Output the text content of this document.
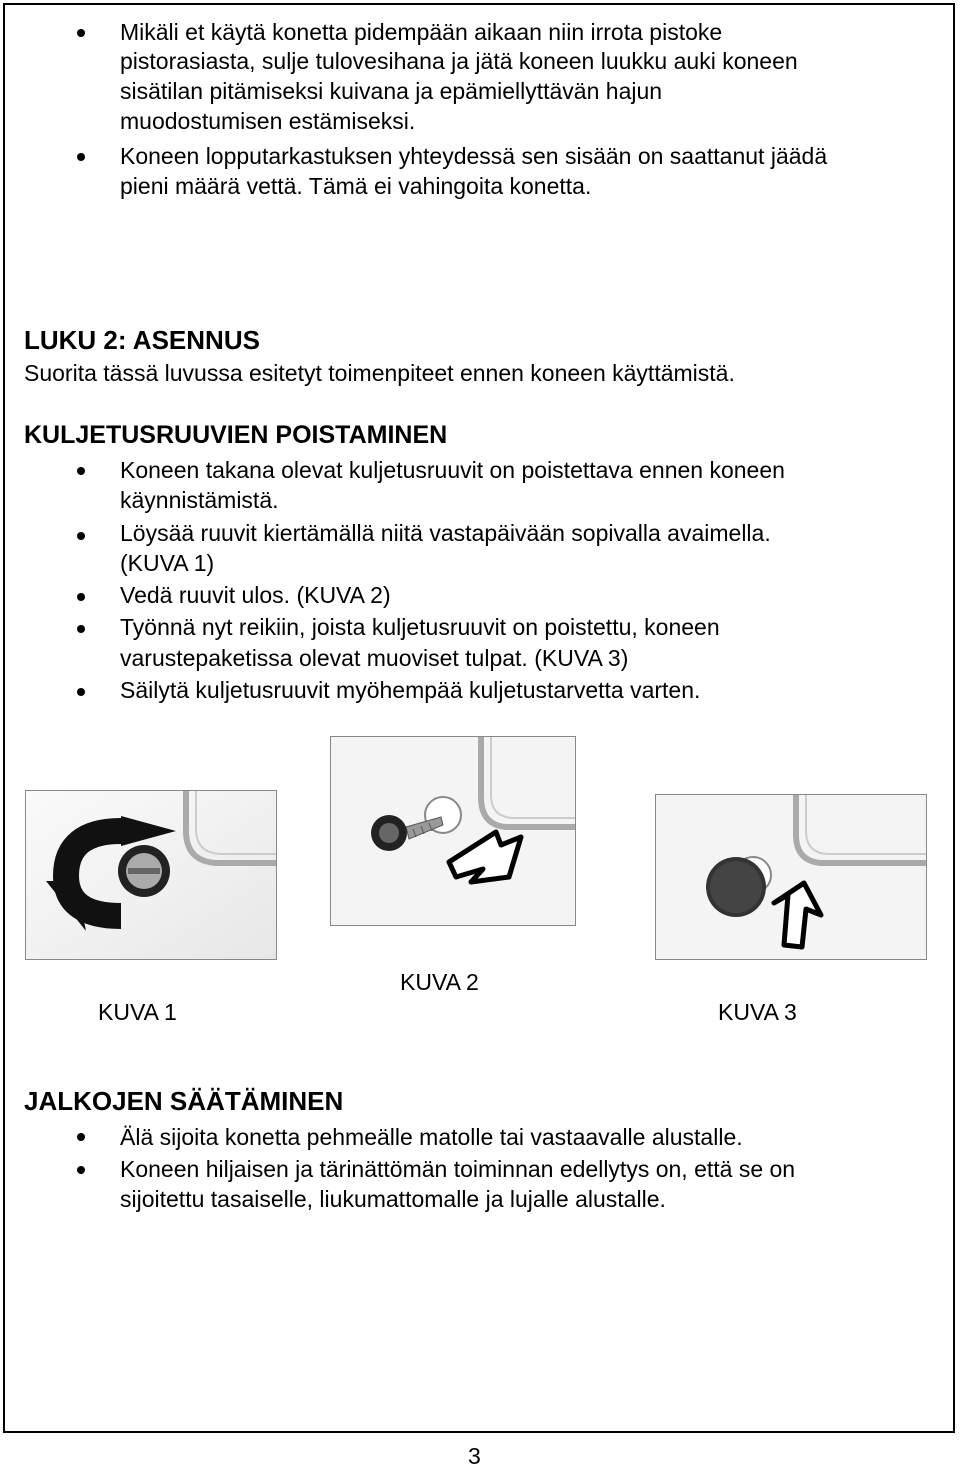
Mikäli et käytä konetta pidempään aikaan niin irrota pistoke
pistorasiasta, sulje tulovesihana ja jätä koneen luukku auki koneen
sisätilan pitämiseksi kuivana ja epämiellyttävän hajun
muodostumisen estämiseksi.
Koneen lopputarkastuksen yhteydessä sen sisään on saattanut jäädä
pieni määrä vettä. Tämä ei vahingoita konetta.
LUKU 2: ASENNUS
Suorita tässä luvussa esitetyt toimenpiteet ennen koneen käyttämistä.
KULJETUSRUUVIEN POISTAMINEN
Koneen takana olevat kuljetusruuvit on poistettava ennen koneen
käynnistämistä.
Löysää ruuvit kiertämällä niitä vastapäivään sopivalla avaimella.
(KUVA 1)
Vedä ruuvit ulos. (KUVA 2)
Työnnä nyt reikiin, joista kuljetusruuvit on poistettu, koneen
varustepaketissa olevat muoviset tulpat. (KUVA 3)
Säilytä kuljetusruuvit myöhempää kuljetustarvetta varten.
KUVA 1
KUVA 2
KUVA 3
JALKOJEN SÄÄTÄMINEN
Älä sijoita konetta pehmeälle matolle tai vastaavalle alustalle.
Koneen hiljaisen ja tärinättömän toiminnan edellytys on, että se on
sijoitettu tasaiselle, liukumattomalle ja lujalle alustalle.
3
